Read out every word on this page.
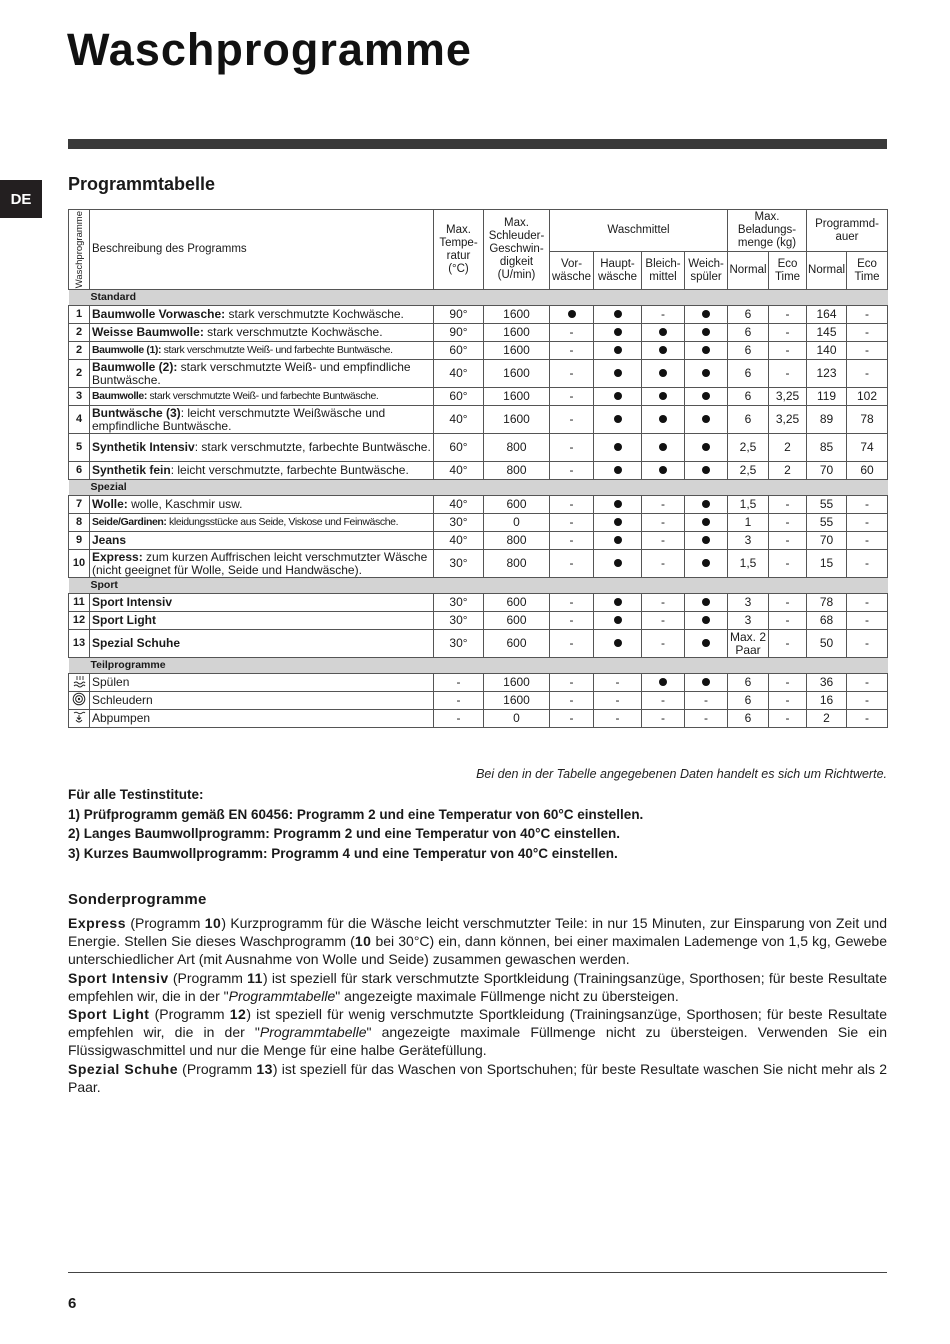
Waschprogramme
DE
Programmtabelle
Waschprogramme	Beschreibung des Programms	Max. Tempe- ratur (°C)	Max. Schleuder- Geschwin- digkeit (U/min)	Waschmittel				Max. Beladungs- menge (kg)		Programmd- auer	
				Vor- wäsche	Haupt- wäsche	Bleich- mittel	Weich- spüler	Normal	Eco Time	Normal	Eco Time
Standard											
1	Baumwolle Vorwasche: stark verschmutzte Kochwäsche.	90°	1600			-		6	-	164	-
2	Weisse Baumwolle: stark verschmutzte Kochwäsche.	90°	1600	-				6	-	145	-
2	Baumwolle (1): stark verschmutzte Weiß- und farbechte Buntwäsche.	60°	1600	-				6	-	140	-
2	Baumwolle (2): stark verschmutzte Weiß- und empfindliche Buntwäsche.	40°	1600	-				6	-	123	-
3	Baumwolle: stark verschmutzte Weiß- und farbechte Buntwäsche.	60°	1600	-				6	3,25	119	102
4	Buntwäsche (3): leicht verschmutzte Weißwäsche und empfindliche Buntwäsche.	40°	1600	-				6	3,25	89	78
5	Synthetik Intensiv: stark verschmutzte, farbechte Buntwäsche.	60°	800	-				2,5	2	85	74
6	Synthetik fein: leicht verschmutzte, farbechte Buntwäsche.	40°	800	-				2,5	2	70	60
Spezial											
7	Wolle: wolle, Kaschmir usw.	40°	600	-		-		1,5	-	55	-
8	Seide/Gardinen: kleidungsstücke aus Seide, Viskose und Feinwäsche.	30°	0	-		-		1	-	55	-
9	Jeans	40°	800	-		-		3	-	70	-
10	Express: zum kurzen Auffrischen leicht verschmutzter Wäsche (nicht geeignet für Wolle, Seide und Handwäsche).	30°	800	-		-		1,5	-	15	-
Sport											
11	Sport Intensiv	30°	600	-		-		3	-	78	-
12	Sport Light	30°	600	-		-		3	-	68	-
13	Spezial Schuhe	30°	600	-		-		Max. 2 Paar	-	50	-
Teilprogramme											
	Spülen	-	1600	-	-			6	-	36	-
	Schleudern	-	1600	-	-	-	-	6	-	16	-
	Abpumpen	-	0	-	-	-	-	6	-	2	-
Bei den in der Tabelle angegebenen Daten handelt es sich um Richtwerte.
Für alle Testinstitute:
1) Prüfprogramm gemäß EN 60456: Programm 2 und eine Temperatur von 60°C einstellen.
2) Langes Baumwollprogramm: Programm 2 und eine Temperatur von 40°C einstellen.
3) Kurzes Baumwollprogramm: Programm 4 und eine Temperatur von 40°C einstellen.
Sonderprogramme

Express (Programm 10) Kurzprogramm für die Wäsche leicht verschmutzter Teile: in nur 15 Minuten, zur Einsparung von Zeit und Energie. Stellen Sie dieses Waschprogramm (10 bei 30°C) ein, dann können, bei einer maximalen Lademenge von 1,5 kg, Gewebe unterschiedlicher Art (mit Ausnahme von Wolle und Seide) zusammen gewaschen werden.

Sport Intensiv (Programm 11) ist speziell für stark verschmutzte Sportkleidung (Trainingsanzüge, Sporthosen; für beste Resultate empfehlen wir, die in der "Programmtabelle" angezeigte maximale Füllmenge nicht zu übersteigen.

Sport Light (Programm 12) ist speziell für wenig verschmutzte Sportkleidung (Trainingsanzüge, Sporthosen; für beste Resultate empfehlen wir, die in der "Programmtabelle" angezeigte maximale Füllmenge nicht zu übersteigen. Verwenden Sie ein Flüssigwaschmittel und nur die Menge für eine halbe Gerätefüllung.

Spezial Schuhe (Programm 13) ist speziell für das Waschen von Sportschuhen; für beste Resultate waschen Sie nicht mehr als 2 Paar.

6
